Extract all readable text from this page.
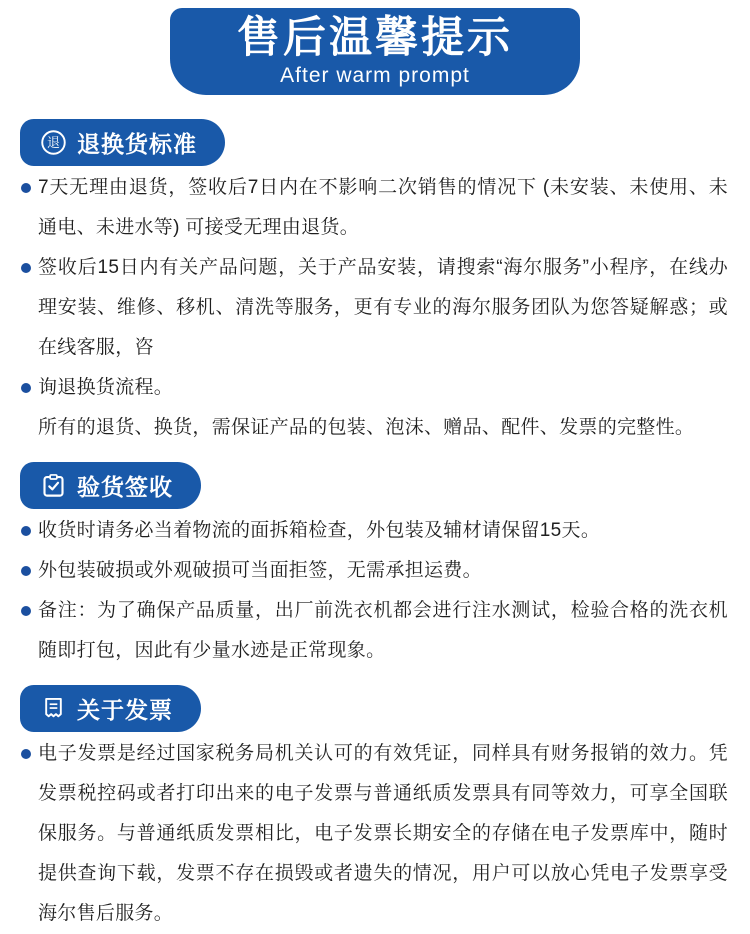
售后温馨提示
After warm prompt
退 退换货标准
7天无理由退货，签收后7日内在不影响二次销售的情况下 (未安装、未使用、未通电、未进水等) 可接受无理由退货。
签收后15日内有关产品问题，关于产品安装，请搜索“海尔服务”小程序，在线办理安装、维修、移机、清洗等服务，更有专业的海尔服务团队为您答疑解惑；或在线客服，咨
询退换货流程。
所有的退货、换货，需保证产品的包装、泡沫、赠品、配件、发票的完整性。
验货签收
收货时请务必当着物流的面拆箱检查，外包装及辅材请保留15天。
外包装破损或外观破损可当面拒签，无需承担运费。
备注：为了确保产品质量，出厂前洗衣机都会进行注水测试，检验合格的洗衣机随即打包，因此有少量水迹是正常现象。
关于发票
电子发票是经过国家税务局机关认可的有效凭证，同样具有财务报销的效力。凭发票税控码或者打印出来的电子发票与普通纸质发票具有同等效力，可享全国联保服务。与普通纸质发票相比，电子发票长期安全的存储在电子发票库中，随时提供查询下载，发票不存在损毁或者遗失的情况，用户可以放心凭电子发票享受海尔售后服务。
